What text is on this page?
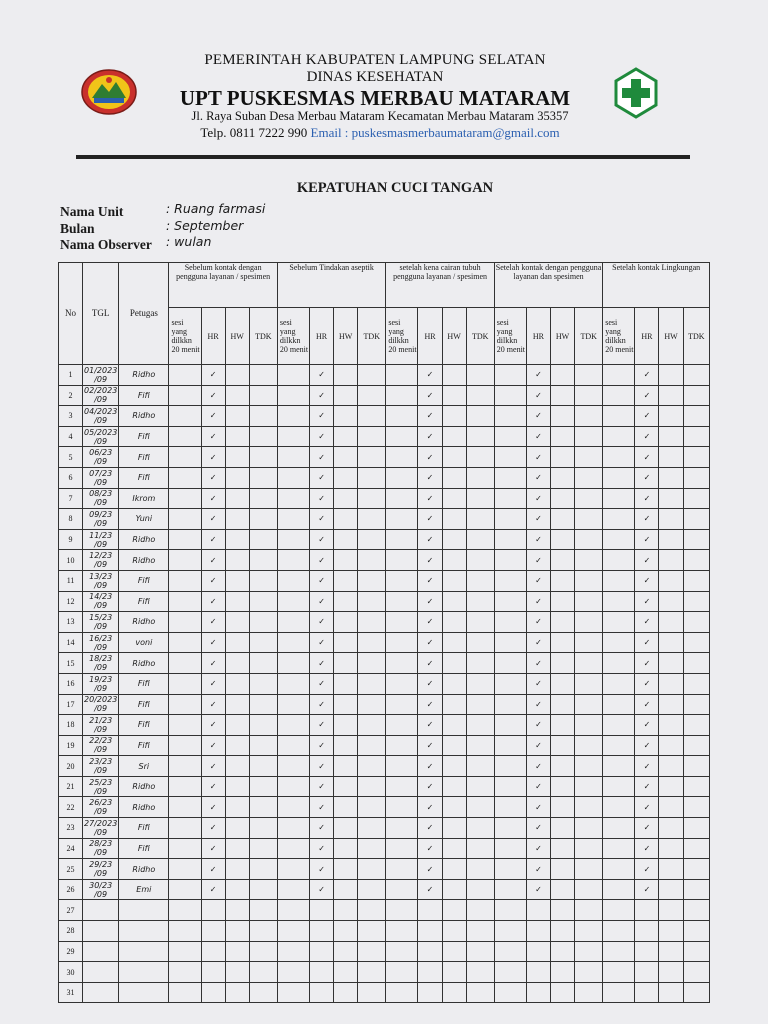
PEMERINTAH KABUPATEN LAMPUNG SELATAN
DINAS KESEHATAN
UPT PUSKESMAS MERBAU MATARAM
Jl. Raya Suban Desa Merbau Mataram Kecamatan Merbau Mataram 35357
Telp. 0811 7222 990 Email : puskesmasmerbaumataram@gmail.com
KEPATUHAN CUCI TANGAN
Nama Unit	: Ruang farmasi
Bulan	: September
Nama Observer : wulan
No	TGL	Petugas	Sebelum kontak dengan pengguna layanan / spesimen				Sebelum Tindakan aseptik				setelah kena cairan tubuh pengguna layanan / spesimen				Setelah kontak dengan pengguna layanan dan spesimen				Setelah kontak Lingkungan			
			sesi yang dilkkn 20 menit	HR	HW	TDK	sesi yang dilkkn 20 menit	HR	HW	TDK	sesi yang dilkkn 20 menit	HR	HW	TDK	sesi yang dilkkn 20 menit	HR	HW	TDK	sesi yang dilkkn 20 menit	HR	HW	TDK
1	01/2023 /09	Ridho		✓				✓				✓				✓				✓		
2	02/2023 /09	Fifi		✓				✓				✓				✓				✓		
3	04/2023 /09	Ridho		✓				✓				✓				✓				✓		
4	05/2023 /09	Fifi		✓				✓				✓				✓				✓		
5	06/23 /09	Fifi		✓				✓				✓				✓				✓		
6	07/23 /09	Fifi		✓				✓				✓				✓				✓		
7	08/23 /09	Ikrom		✓				✓				✓				✓				✓		
8	09/23 /09	Yuni		✓				✓				✓				✓				✓		
9	11/23 /09	Ridho		✓				✓				✓				✓				✓		
10	12/23 /09	Ridho		✓				✓				✓				✓				✓		
11	13/23 /09	Fifi		✓				✓				✓				✓				✓		
12	14/23 /09	Fifi		✓				✓				✓				✓				✓		
13	15/23 /09	Ridho		✓				✓				✓				✓				✓		
14	16/23 /09	voni		✓				✓				✓				✓				✓		
15	18/23 /09	Ridho		✓				✓				✓				✓				✓		
16	19/23 /09	Fifi		✓				✓				✓				✓				✓		
17	20/2023 /09	Fifi		✓				✓				✓				✓				✓		
18	21/23 /09	Fifi		✓				✓				✓				✓				✓		
19	22/23 /09	Fifi		✓				✓				✓				✓				✓		
20	23/23 /09	Sri		✓				✓				✓				✓				✓		
21	25/23 /09	Ridho		✓				✓				✓				✓				✓		
22	26/23 /09	Ridho		✓				✓				✓				✓				✓		
23	27/2023 /09	Fifi		✓				✓				✓				✓				✓		
24	28/23 /09	Fifi		✓				✓				✓				✓				✓		
25	29/23 /09	Ridho		✓				✓				✓				✓				✓		
26	30/23 /09	Emi		✓				✓				✓				✓				✓		
27																						
28																						
29																						
30																						
31																						
